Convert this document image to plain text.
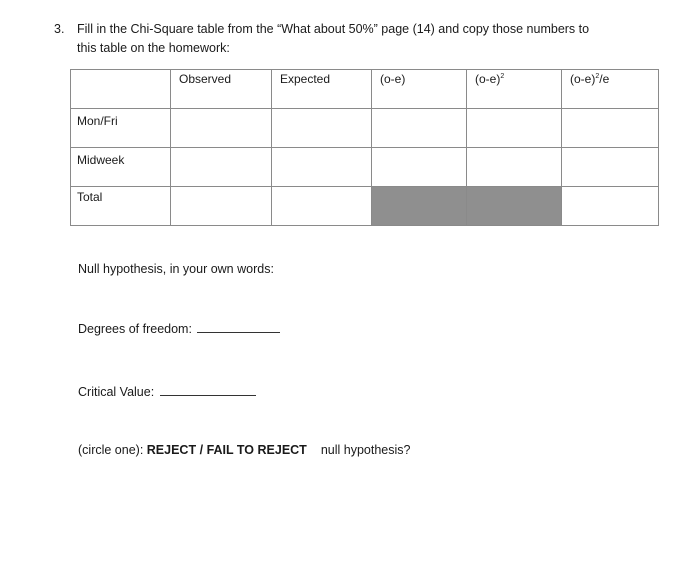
3. Fill in the Chi-Square table from the “What about 50%” page (14) and copy those numbers to
this table on the homework:

	Observed	Expected	(o-e)	$(o-e)^2$	$(o-e)^2/e$

Mon/Fri					

Midweek					

Total					

Null hypothesis, in your own words:
Degrees of freedom:
Critical Value:
(circle one): REJECT / FAIL TO REJECT null hypothesis?
